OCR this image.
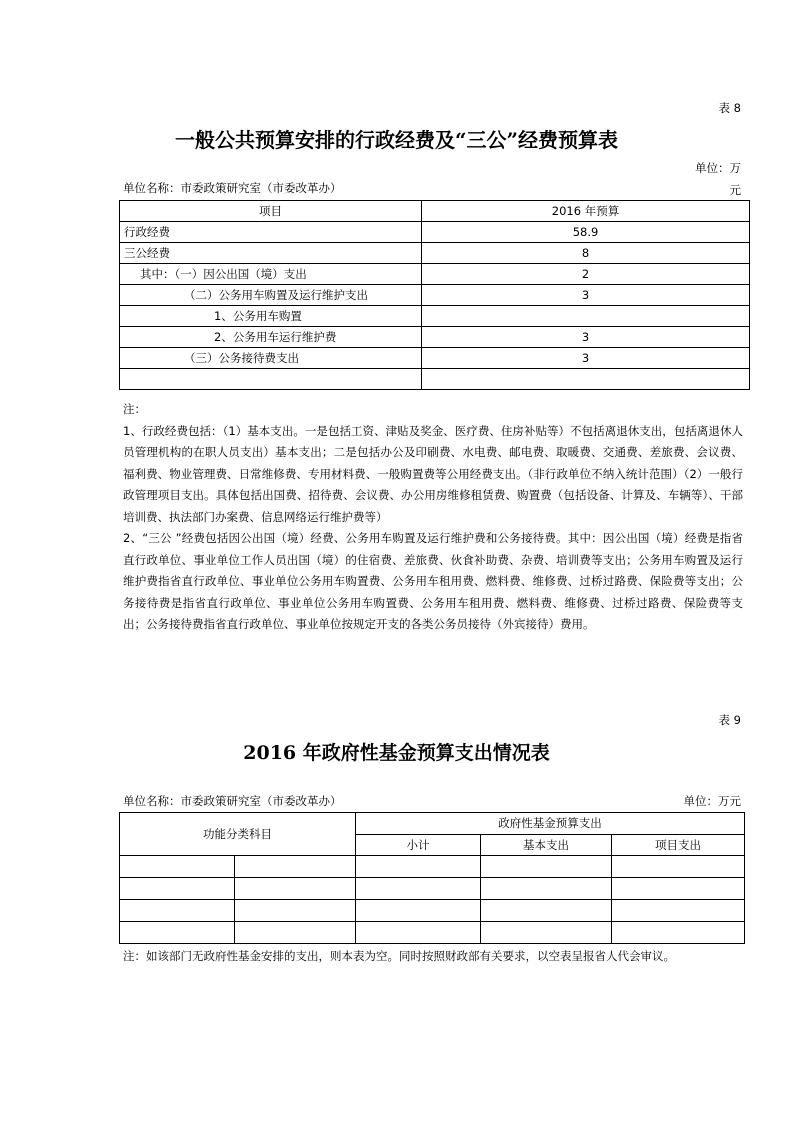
表 8
一般公共预算安排的行政经费及“三公”经费预算表
单位：万
单位名称：市委政策研究室（市委改革办）	元
项目	2016 年预算
行政经费	58.9
三公经费	8
其中：（一）因公出国（境）支出	2
（二）公务用车购置及运行维护支出	3
1、公务用车购置	
2、公务用车运行维护费	3
（三）公务接待费支出	3

注：

1、行政经费包括：（1）基本支出。一是包括工资、津贴及奖金、医疗费、住房补贴等）不包括离退休支出，包括离退休人员管理机构的在职人员支出）基本支出；二是包括办公及印刷费、水电费、邮电费、取暖费、交通费、差旅费、会议费、福利费、物业管理费、日常维修费、专用材料费、一般购置费等公用经费支出。（非行政单位不纳入统计范围）（2）一般行政管理项目支出。具体包括出国费、招待费、会议费、办公用房维修租赁费、购置费（包括设备、计算及、车辆等）、干部培训费、执法部门办案费、信息网络运行维护费等）

2、“三公 ”经费包括因公出国（境）经费、公务用车购置及运行维护费和公务接待费。其中：因公出国（境）经费是指省直行政单位、事业单位工作人员出国（境）的住宿费、差旅费、伙食补助费、杂费、培训费等支出；公务用车购置及运行维护费指省直行政单位、事业单位公务用车购置费、公务用车租用费、燃料费、维修费、过桥过路费、保险费等支出；公务接待费是指省直行政单位、事业单位公务用车购置费、公务用车租用费、燃料费、维修费、过桥过路费、保险费等支出；公务接待费指省直行政单位、事业单位按规定开支的各类公务员接待（外宾接待）费用。

表 9
2016 年政府性基金预算支出情况表
单位名称：市委政策研究室（市委改革办）	单位：万元
功能分类科目		政府性基金预算支出		
		小计	基本支出	项目支出

注：如该部门无政府性基金安排的支出，则本表为空。同时按照财政部有关要求，以空表呈报省人代会审议。
